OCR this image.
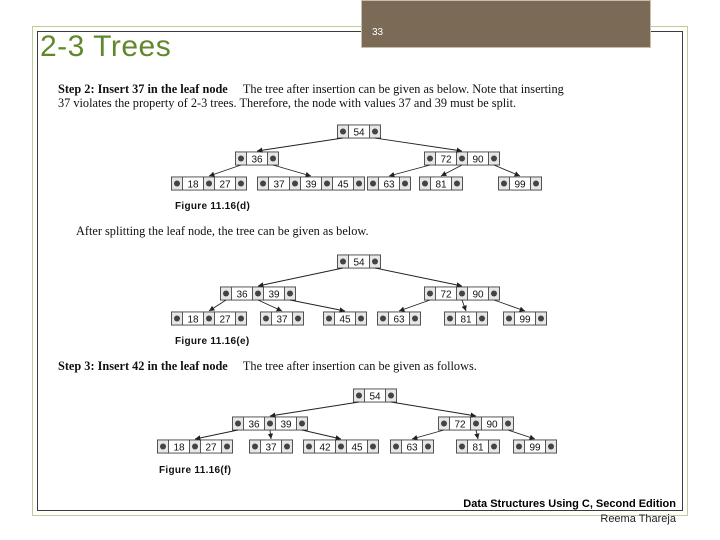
33
2-3 Trees
Step 2: Insert 37 in the leaf node The tree after insertion can be given as below. Note that inserting
37 violates the property of 2-3 trees. Therefore, the node with values 37 and 39 must be split.
After splitting the leaf node, the tree can be given as below.
Step 3: Insert 42 in the leaf node The tree after insertion can be given as follows.
Figure 11.16(d)
Figure 11.16(e)
Figure 11.16(f)
54
36	72 90
18 27	37 39 45	63	81	99
54
36 39	72 90
18 27	37	45	63	81	99
54
36 39	72 90
18 27	37	42 45	63	81	99
Data Structures Using C, Second Edition
Reema Thareja
